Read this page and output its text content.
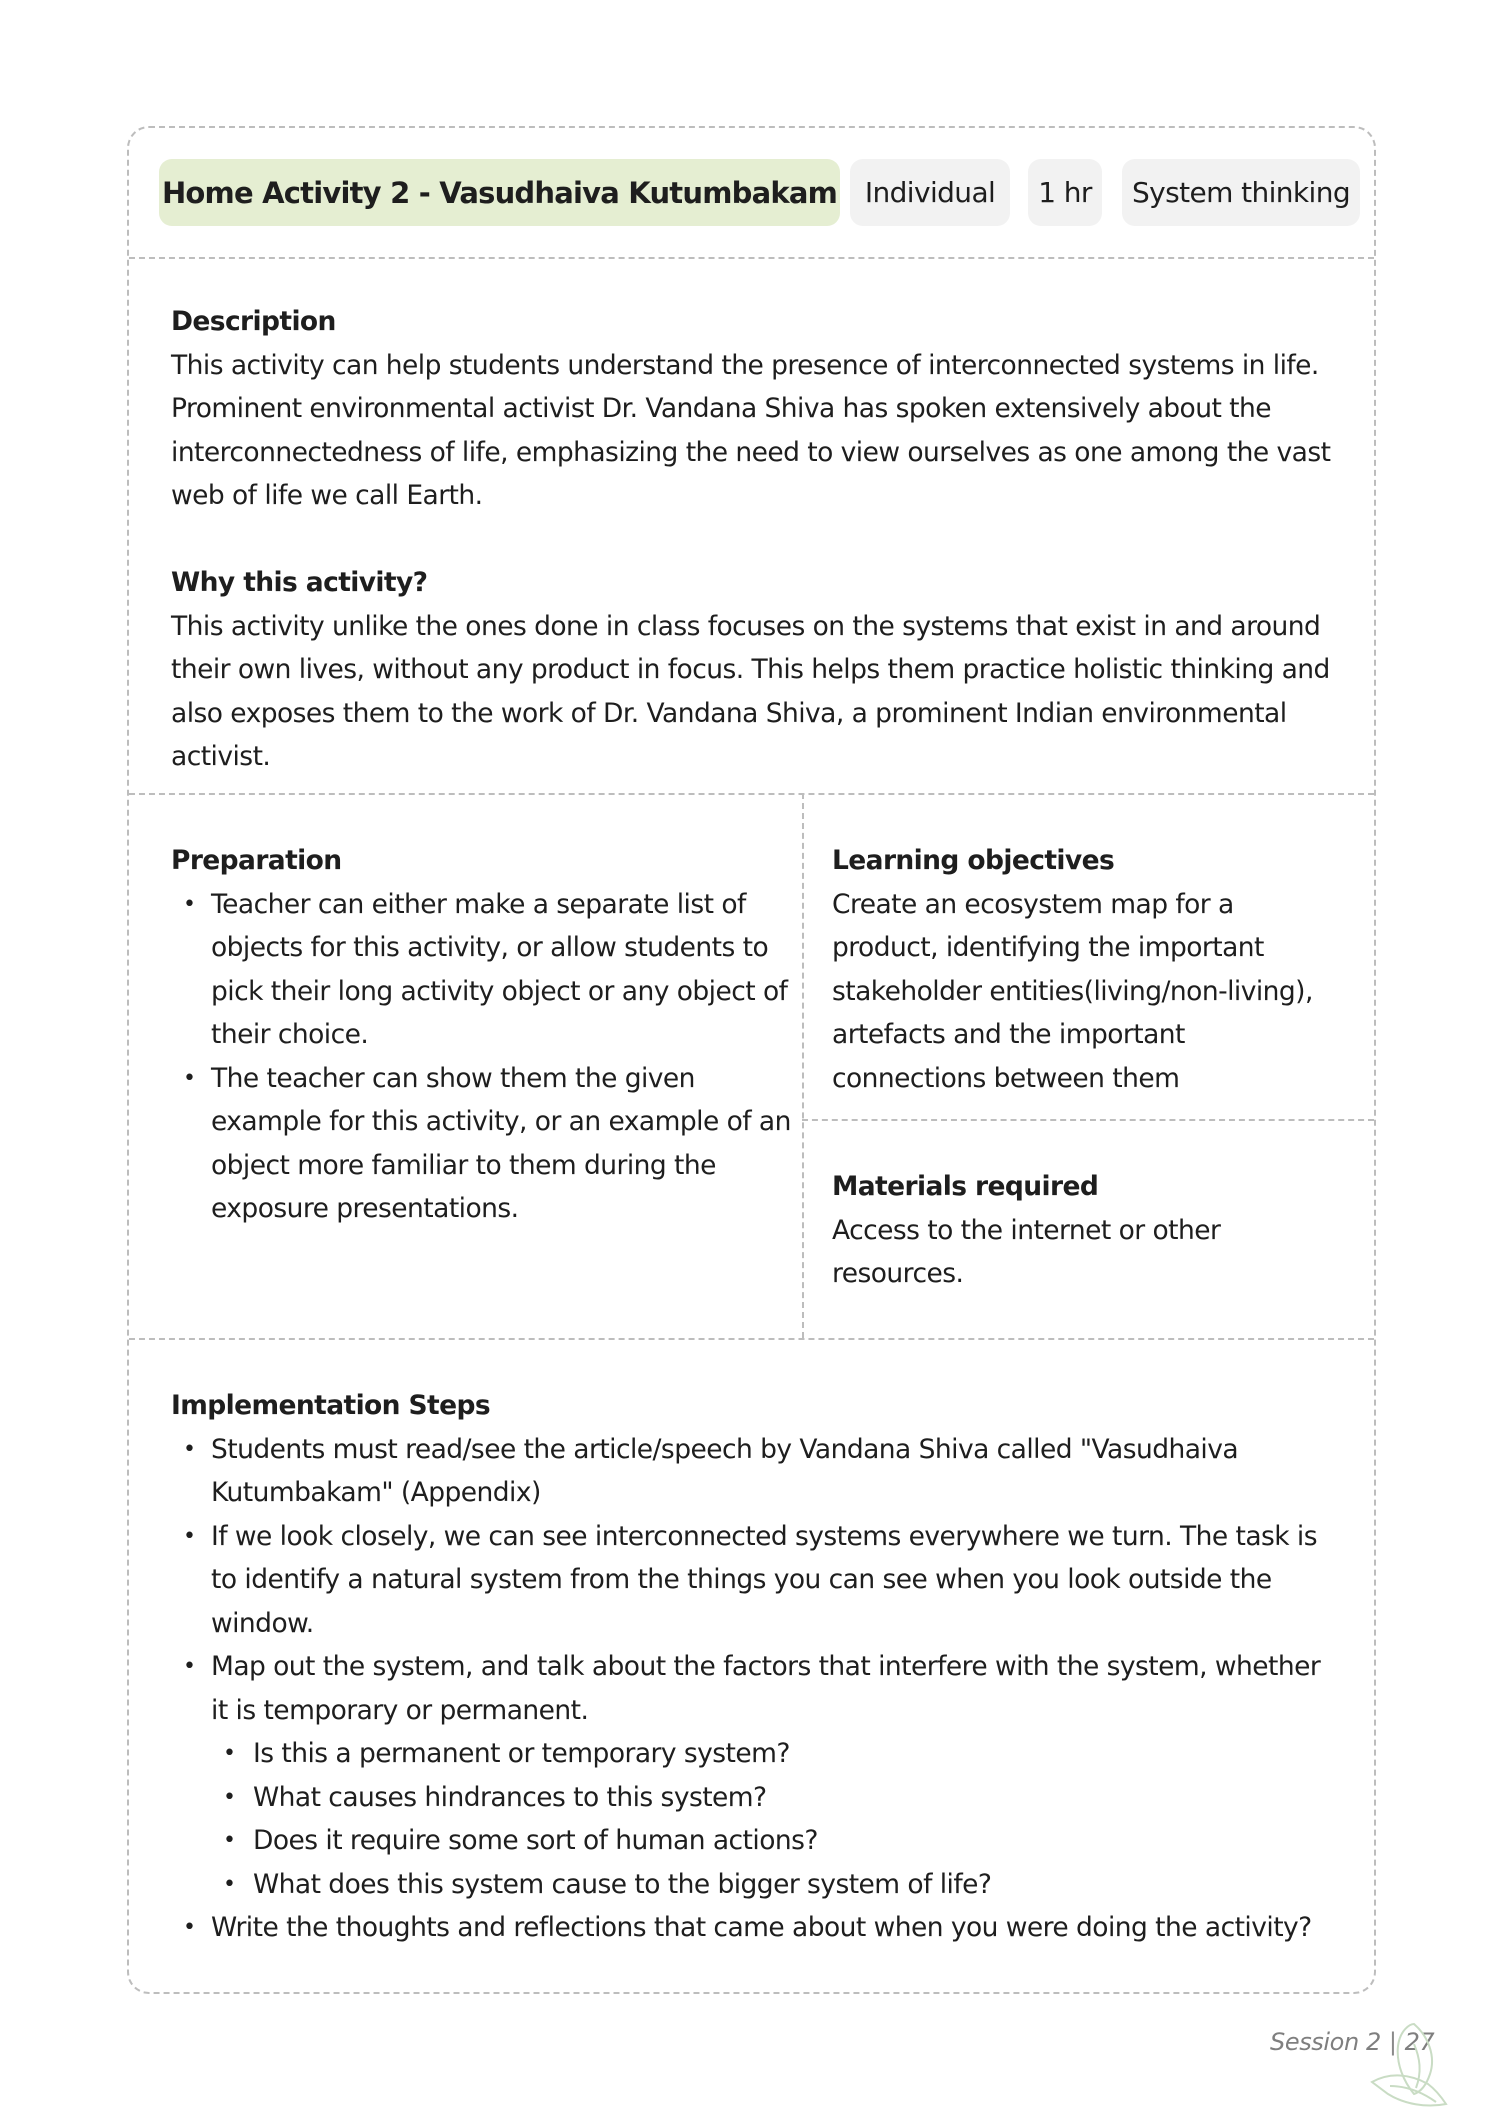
Home Activity 2 - Vasudhaiva Kutumbakam Individual	1 hr	System thinking
Description

This activity can help students understand the presence of interconnected systems in life. Prominent environmental activist Dr. Vandana Shiva has spoken extensively about the interconnectedness of life, emphasizing the need to view ourselves as one among the vast web of life we call Earth.

Why this activity?

This activity unlike the ones done in class focuses on the systems that exist in and around their own lives, without any product in focus. This helps them practice holistic thinking and also exposes them to the work of Dr. Vandana Shiva, a prominent Indian environmental activist.

Preparation
• Teacher can either make a separate list of objects for this activity, or allow students to pick their long activity object or any object of their choice.
• The teacher can show them the given example for this activity, or an example of an object more familiar to them during the exposure presentations.
Learning objectives

Create an ecosystem map for a product, identifying the important stakeholder entities(living/non-living), artefacts and the important connections between them

Materials required

Access to the internet or other resources.

Implementation Steps
• Students must read/see the article/speech by Vandana Shiva called "Vasudhaiva Kutumbakam" (Appendix)
• If we look closely, we can see interconnected systems everywhere we turn. The task is to identify a natural system from the things you can see when you look outside the window.
• Map out the system, and talk about the factors that interfere with the system, whether it is temporary or permanent.
• Is this a permanent or temporary system?
• What causes hindrances to this system?
• Does it require some sort of human actions?
• What does this system cause to the bigger system of life?
• Write the thoughts and reflections that came about when you were doing the activity?
Session 2 | 27
